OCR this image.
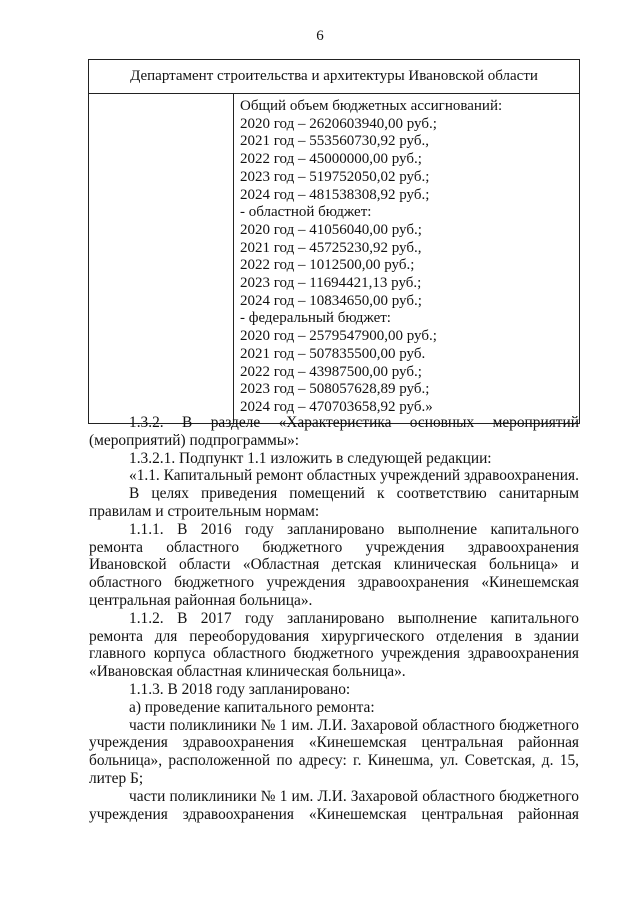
6
Департамент строительства и архитектуры Ивановской области

Общий объем бюджетных ассигнований:
2020 год – 2620603940,00 руб.;
2021 год – 553560730,92 руб.,
2022 год – 45000000,00 руб.;
2023 год – 519752050,02 руб.;
2024 год – 481538308,92 руб.;
- областной бюджет:
2020 год – 41056040,00 руб.;
2021 год – 45725230,92 руб.,
2022 год – 1012500,00 руб.;
2023 год – 11694421,13 руб.;
2024 год – 10834650,00 руб.;
- федеральный бюджет:
2020 год – 2579547900,00 руб.;
2021 год – 507835500,00 руб.
2022 год – 43987500,00 руб.;
2023 год – 508057628,89 руб.;
2024 год – 470703658,92 руб.»

1.3.2. В разделе «Характеристика основных мероприятий (мероприятий) подпрограммы»:

1.3.2.1. Подпункт 1.1 изложить в следующей редакции:

«1.1. Капитальный ремонт областных учреждений здравоохранения.

В целях приведения помещений к соответствию санитарным правилам и строительным нормам:

1.1.1. В 2016 году запланировано выполнение капитального ремонта областного бюджетного учреждения здравоохранения Ивановской области «Областная детская клиническая больница» и областного бюджетного учреждения здравоохранения «Кинешемская центральная районная больница».

1.1.2. В 2017 году запланировано выполнение капитального ремонта для переоборудования хирургического отделения в здании главного корпуса областного бюджетного учреждения здравоохранения «Ивановская областная клиническая больница».

1.1.3. В 2018 году запланировано:

а) проведение капитального ремонта:

части поликлиники № 1 им. Л.И. Захаровой областного бюджетного учреждения здравоохранения «Кинешемская центральная районная больница», расположенной по адресу: г. Кинешма, ул. Советская, д. 15, литер Б;

части поликлиники № 1 им. Л.И. Захаровой областного бюджетного учреждения здравоохранения «Кинешемская центральная районная
